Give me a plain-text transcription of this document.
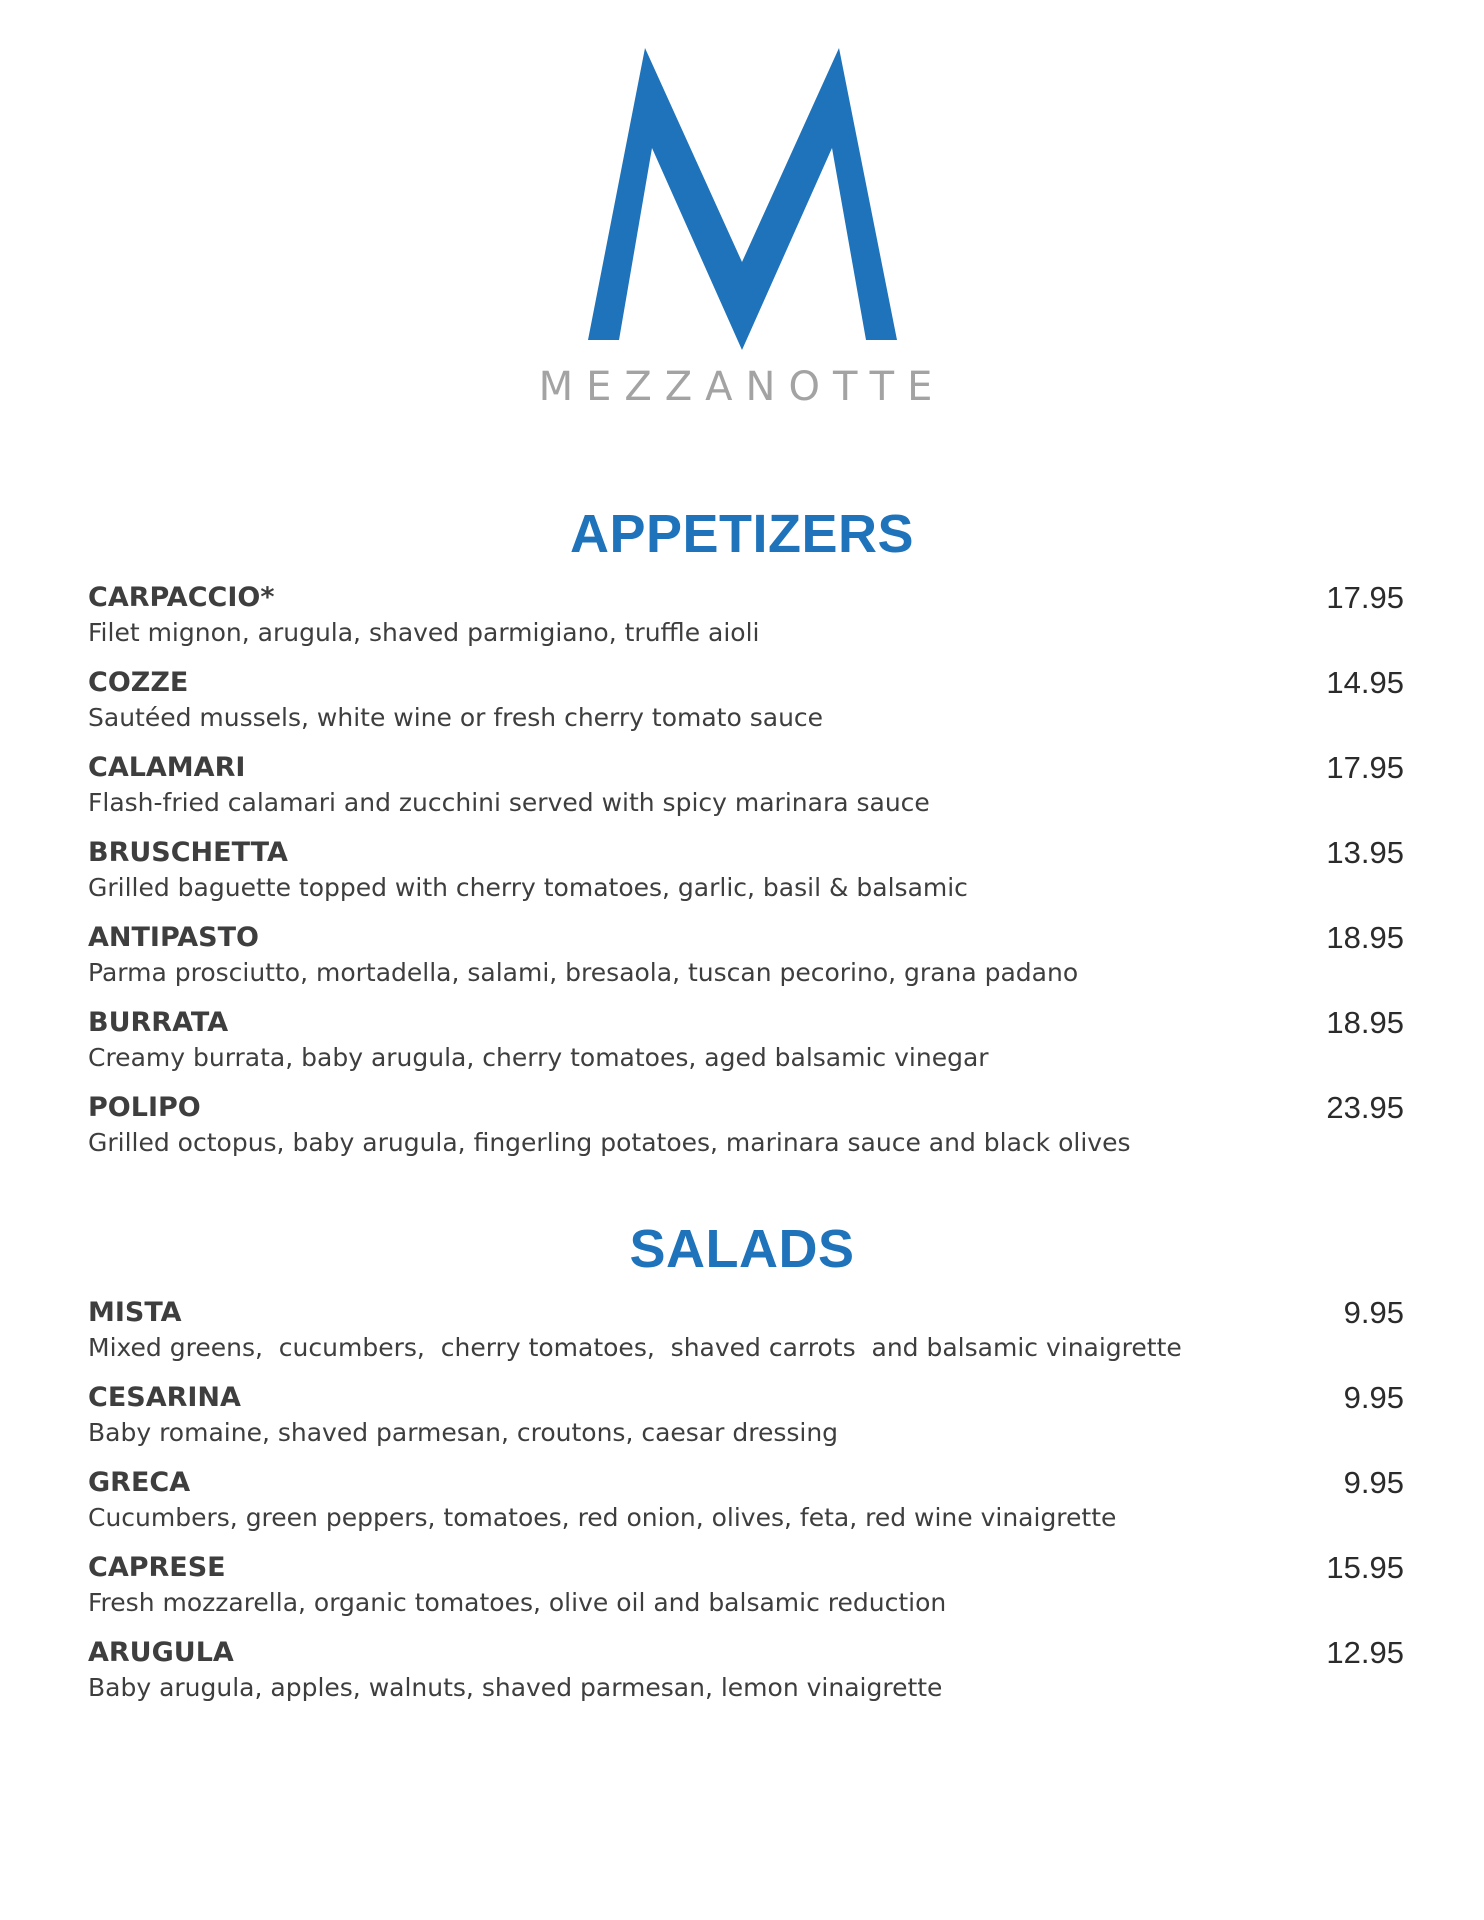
MEZZANOTTE
APPETIZERS
CARPACCIO*
Filet mignon, arugula, shaved parmigiano, truffle aioli
17.95
COZZE
Sautéed mussels, white wine or fresh cherry tomato sauce
14.95
CALAMARI
Flash-fried calamari and zucchini served with spicy marinara sauce
17.95
BRUSCHETTA
Grilled baguette topped with cherry tomatoes, garlic, basil & balsamic
13.95
ANTIPASTO
Parma prosciutto, mortadella, salami, bresaola, tuscan pecorino, grana padano
18.95
BURRATA
Creamy burrata, baby arugula, cherry tomatoes, aged balsamic vinegar
18.95
POLIPO
Grilled octopus, baby arugula, fingerling potatoes, marinara sauce and black olives
23.95
SALADS
MISTA
Mixed greens,  cucumbers,  cherry tomatoes,  shaved carrots  and balsamic vinaigrette
9.95
CESARINA
Baby romaine, shaved parmesan, croutons, caesar dressing
9.95
GRECA
Cucumbers, green peppers, tomatoes, red onion, olives, feta, red wine vinaigrette
9.95
CAPRESE
Fresh mozzarella, organic tomatoes, olive oil and balsamic reduction
15.95
ARUGULA
Baby arugula, apples, walnuts, shaved parmesan, lemon vinaigrette
12.95
